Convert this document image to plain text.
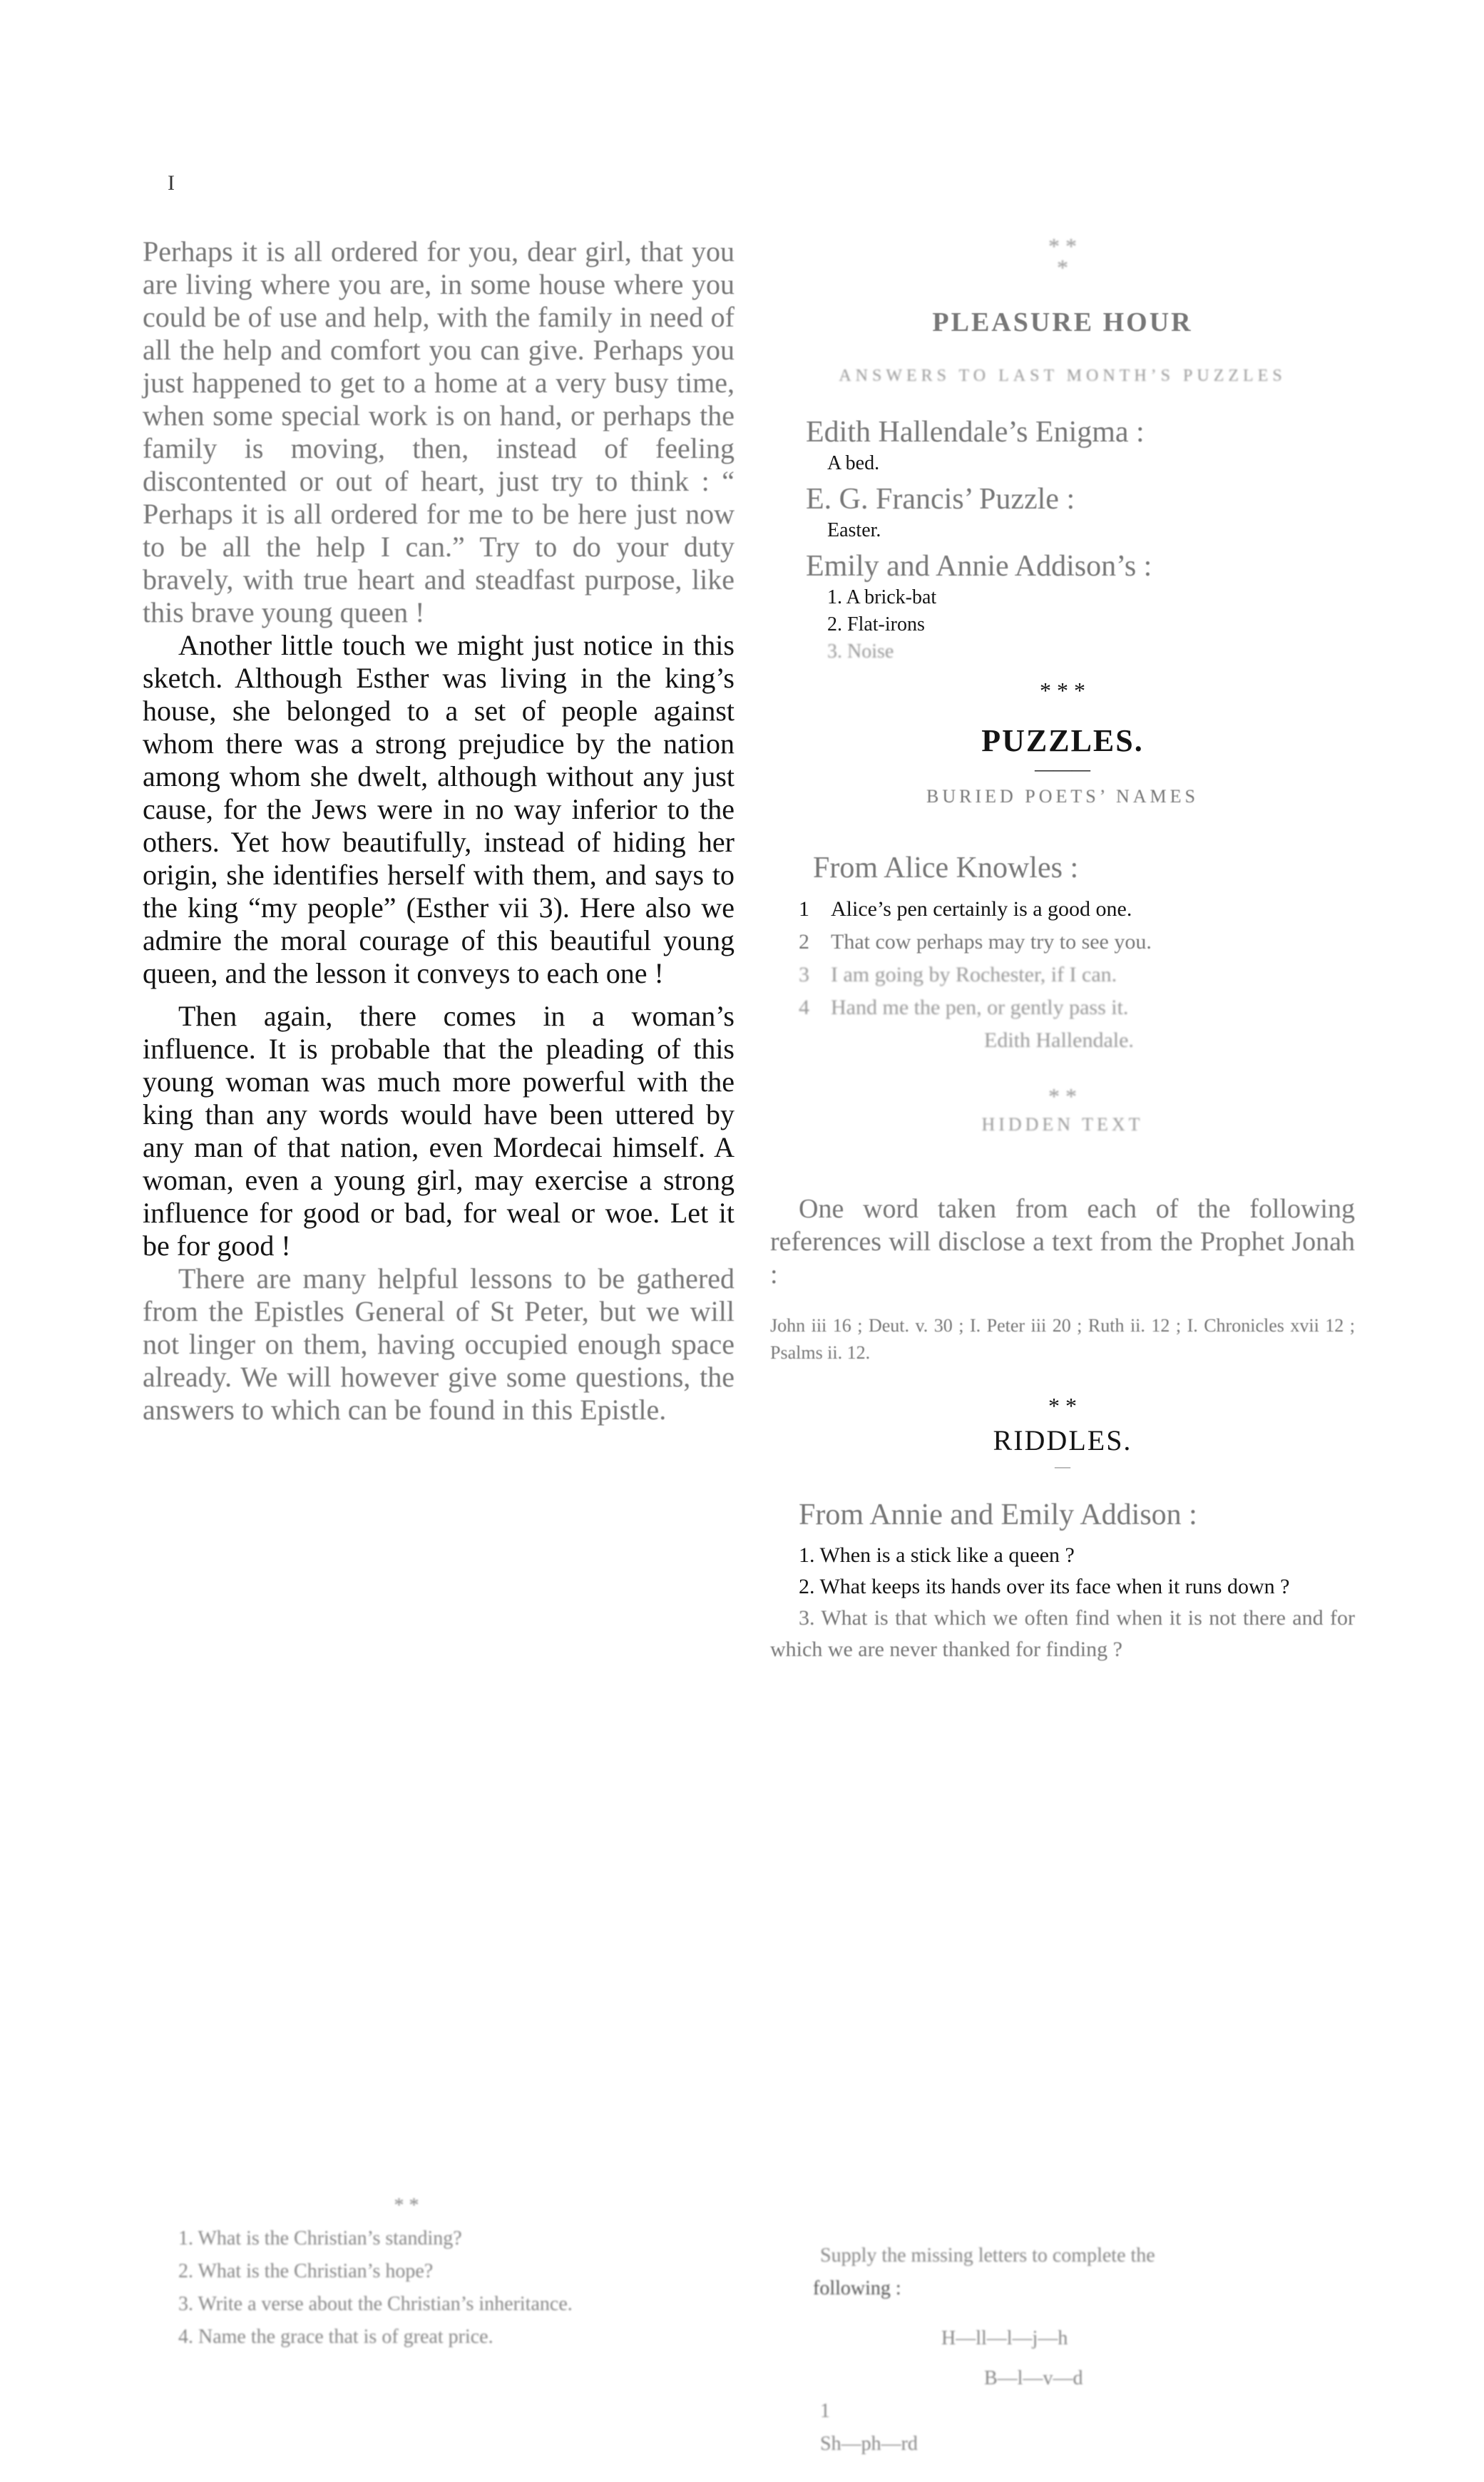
I

Perhaps it is all ordered for you, dear girl, that you are living where you are, in some house where you could be of use and help, with the family in need of all the help and comfort you can give. Perhaps you just happened to get to a home at a very busy time, when some special work is on hand, or perhaps the family is moving, then, instead of feeling discontented or out of heart, just try to think : “ Perhaps it is all ordered for me to be here just now to be all the help I can.” Try to do your duty bravely, with true heart and steadfast purpose, like this brave young queen !

Another little touch we might just notice in this sketch. Although Esther was living in the king’s house, she belonged to a set of people against whom there was a strong prejudice by the nation among whom she dwelt, although without any just cause, for the Jews were in no way inferior to the others. Yet how beautifully, instead of hiding her origin, she identifies herself with them, and says to the king “my people” (Esther vii 3). Here also we admire the moral courage of this beautiful young queen, and the lesson it conveys to each one !

Then again, there comes in a woman’s influence. It is probable that the pleading of this young woman was much more powerful with the king than any words would have been uttered by any man of that nation, even Mordecai himself. A woman, even a young girl, may exercise a strong influence for good or bad, for weal or woe. Let it be for good !

There are many helpful lessons to be gathered from the Epistles General of St Peter, but we will not linger on them, having occupied enough space already. We will however give some questions, the answers to which can be found in this Epistle.

* *
1. What is the Christian’s standing?
2. What is the Christian’s hope?
3. Write a verse about the Christian’s inheritance.
4. Name the grace that is of great price.
* *
*
PLEASURE HOUR
ANSWERS TO LAST MONTH’S PUZZLES
Edith Hallendale’s Enigma :
A bed.
E. G. Francis’ Puzzle :
Easter.
Emily and Annie Addison’s :
1. A brick-bat
2. Flat-irons
3. Noise
* * *
PUZZLES.
———
BURIED POETS’ NAMES
From Alice Knowles :
1 Alice’s pen certainly is a good one.
2 That cow perhaps may try to see you.
3 I am going by Rochester, if I can.
4 Hand me the pen, or gently pass it.
Edith Hallendale.
* *
HIDDEN TEXT

One word taken from each of the following references will disclose a text from the Prophet Jonah :

John iii 16 ; Deut. v. 30 ; I. Peter iii 20 ; Ruth ii. 12 ; I. Chronicles xvii 12 ; Psalms ii. 12.

* *
RIDDLES.
—
From Annie and Emily Addison :

1. When is a stick like a queen ?

2. What keeps its hands over its face when it runs down ?

3. What is that which we often find when it is not there and for which we are never thanked for finding ?

Supply the missing letters to complete the
following :
H—ll—l—j—h
B—l—v—d
1
Sh—ph—rd
